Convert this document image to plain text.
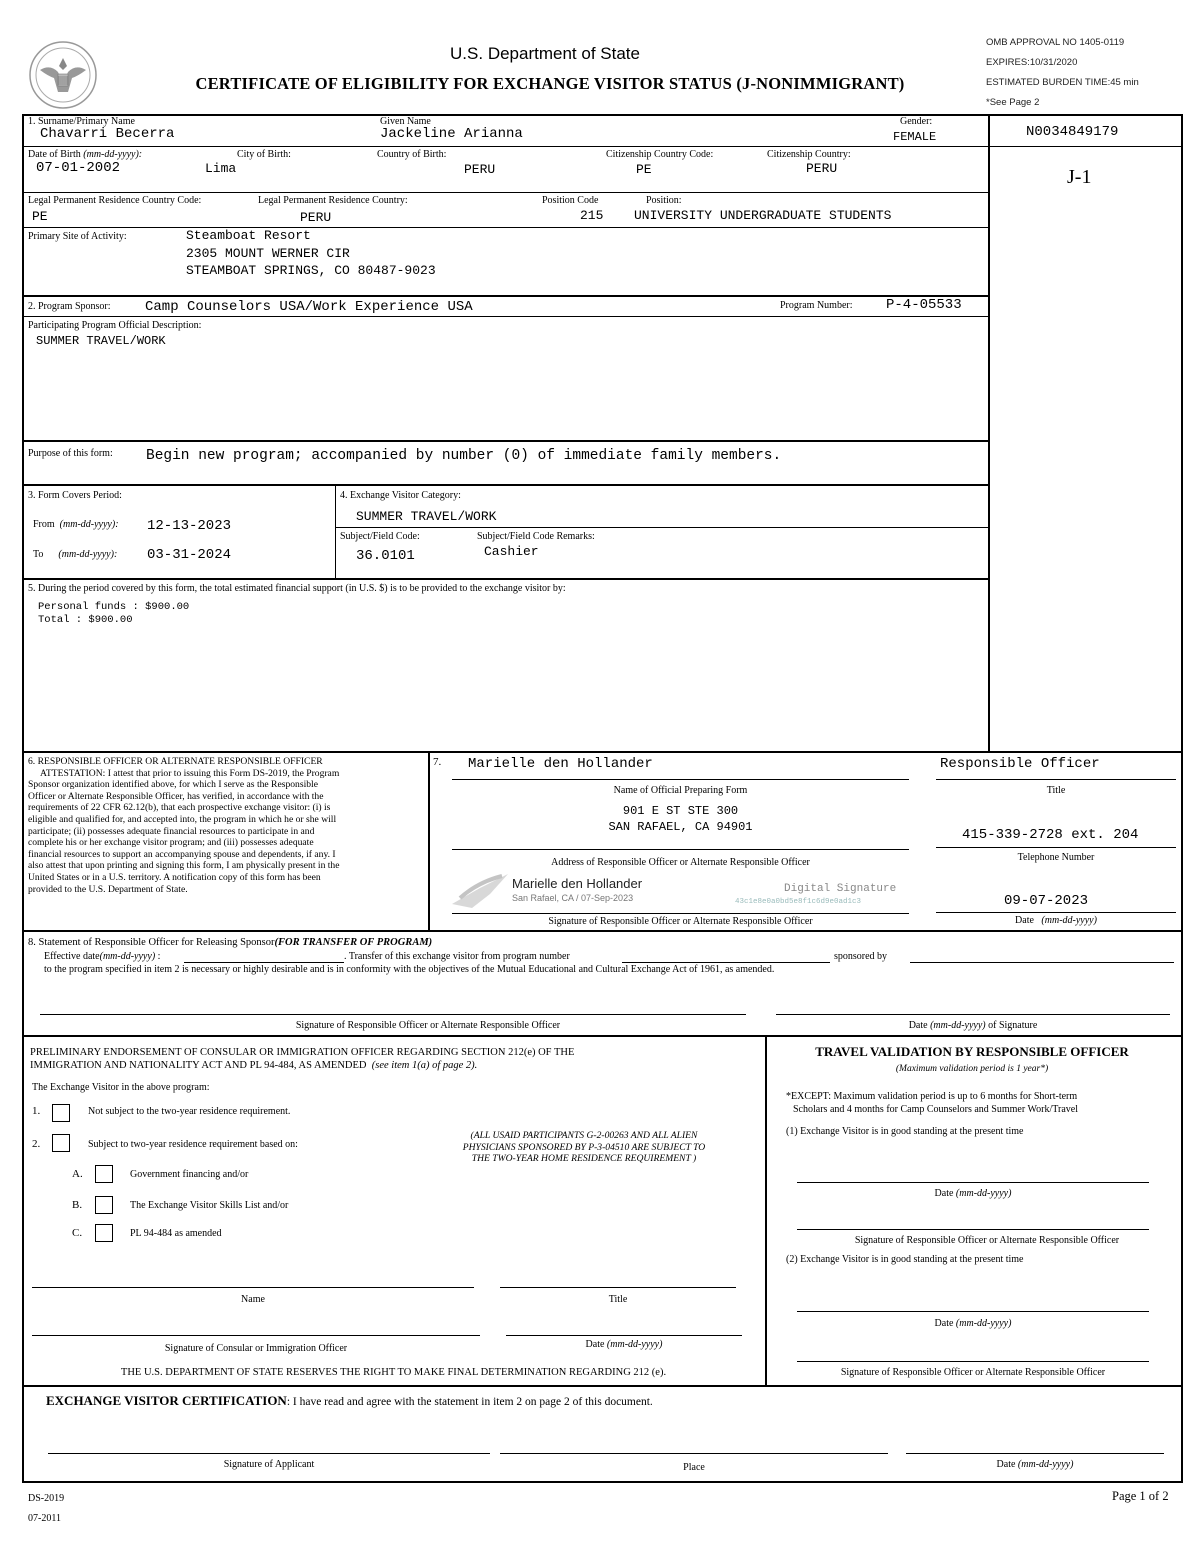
U.S. Department of State
CERTIFICATE OF ELIGIBILITY FOR EXCHANGE VISITOR STATUS (J-NONIMMIGRANT)
OMB APPROVAL NO 1405-0119
EXPIRES:10/31/2020
ESTIMATED BURDEN TIME:45 min
*See Page 2
N0034849179
J-1
1. Surname/Primary Name
Chavarri Becerra
Given Name
Jackeline Arianna
Gender:
FEMALE
Date of Birth (mm-dd-yyyy):
07-01-2002
City of Birth:
Lima
Country of Birth:
PERU
Citizenship Country Code:
PE
Citizenship Country:
PERU
Legal Permanent Residence Country Code:
PE
Legal Permanent Residence Country:
PERU
Position Code
215
Position:
UNIVERSITY UNDERGRADUATE STUDENTS
Primary Site of Activity:	Steamboat Resort
2305 MOUNT WERNER CIR
STEAMBOAT SPRINGS, CO 80487-9023
2. Program Sponsor: Camp Counselors USA/Work Experience USA	Program Number: P-4-05533
Participating Program Official Description:
SUMMER TRAVEL/WORK
Purpose of this form: Begin new program; accompanied by number (0) of immediate family members.
3. Form Covers Period:
From (mm-dd-yyyy): 12-13-2023
To (mm-dd-yyyy): 03-31-2024
4. Exchange Visitor Category:
SUMMER TRAVEL/WORK
Subject/Field Code:
36.0101
Subject/Field Code Remarks:
Cashier
5. During the period covered by this form, the total estimated financial support (in U.S. $) is to be provided to the exchange visitor by:
Personal funds : $900.00
Total : $900.00
6. RESPONSIBLE OFFICER OR ALTERNATE RESPONSIBLE OFFICER
ATTESTATION: I attest that prior to issuing this Form DS-2019, the Program
Sponsor organization identified above, for which I serve as the Responsible
Officer or Alternate Responsible Officer, has verified, in accordance with the
requirements of 22 CFR 62.12(b), that each prospective exchange visitor: (i) is
eligible and qualified for, and accepted into, the program in which he or she will
participate; (ii) possesses adequate financial resources to participate in and
complete his or her exchange visitor program; and (iii) possesses adequate
financial resources to support an accompanying spouse and dependents, if any. I
also attest that upon printing and signing this form, I am physically present in the
United States or in a U.S. territory. A notification copy of this form has been
provided to the U.S. Department of State.
7. Marielle den Hollander
Name of Official Preparing Form
Responsible Officer
Title
901 E ST STE 300
SAN RAFAEL, CA 94901
Address of Responsible Officer or Alternate Responsible Officer
415-339-2728 ext. 204
Telephone Number
Marielle den Hollander
San Rafael, CA / 07-Sep-2023
Digital Signature
43c1e8e0a0bd5e8f1c6d9e0ad1c3
Signature of Responsible Officer or Alternate Responsible Officer
09-07-2023
Date (mm-dd-yyyy)
8. Statement of Responsible Officer for Releasing Sponsor(FOR TRANSFER OF PROGRAM)
Effective date(mm-dd-yyyy) :	. Transfer of this exchange visitor from program number	sponsored by
to the program specified in item 2 is necessary or highly desirable and is in conformity with the objectives of the Mutual Educational and Cultural Exchange Act of 1961, as amended.
Signature of Responsible Officer or Alternate Responsible Officer	Date (mm-dd-yyyy) of Signature
PRELIMINARY ENDORSEMENT OF CONSULAR OR IMMIGRATION OFFICER REGARDING SECTION 212(e) OF THE
IMMIGRATION AND NATIONALITY ACT AND PL 94-484, AS AMENDED (see item 1(a) of page 2).
The Exchange Visitor in the above program:
1.	Not subject to the two-year residence requirement.
2.	Subject to two-year residence requirement based on:
A.	Government financing and/or
B.	The Exchange Visitor Skills List and/or
C.	PL 94-484 as amended
(ALL USAID PARTICIPANTS G-2-00263 AND ALL ALIEN
PHYSICIANS SPONSORED BY P-3-04510 ARE SUBJECT TO
THE TWO-YEAR HOME RESIDENCE REQUIREMENT )
Name	Title
Signature of Consular or Immigration Officer	Date (mm-dd-yyyy)
THE U.S. DEPARTMENT OF STATE RESERVES THE RIGHT TO MAKE FINAL DETERMINATION REGARDING 212 (e).
TRAVEL VALIDATION BY RESPONSIBLE OFFICER
(Maximum validation period is 1 year*)
*EXCEPT: Maximum validation period is up to 6 months for Short-term
Scholars and 4 months for Camp Counselors and Summer Work/Travel
(1) Exchange Visitor is in good standing at the present time
Date (mm-dd-yyyy)
Signature of Responsible Officer or Alternate Responsible Officer
(2) Exchange Visitor is in good standing at the present time
Date (mm-dd-yyyy)
Signature of Responsible Officer or Alternate Responsible Officer
EXCHANGE VISITOR CERTIFICATION: I have read and agree with the statement in item 2 on page 2 of this document.
Signature of Applicant	Place	Date (mm-dd-yyyy)
DS-2019
07-2011
Page 1 of 2
